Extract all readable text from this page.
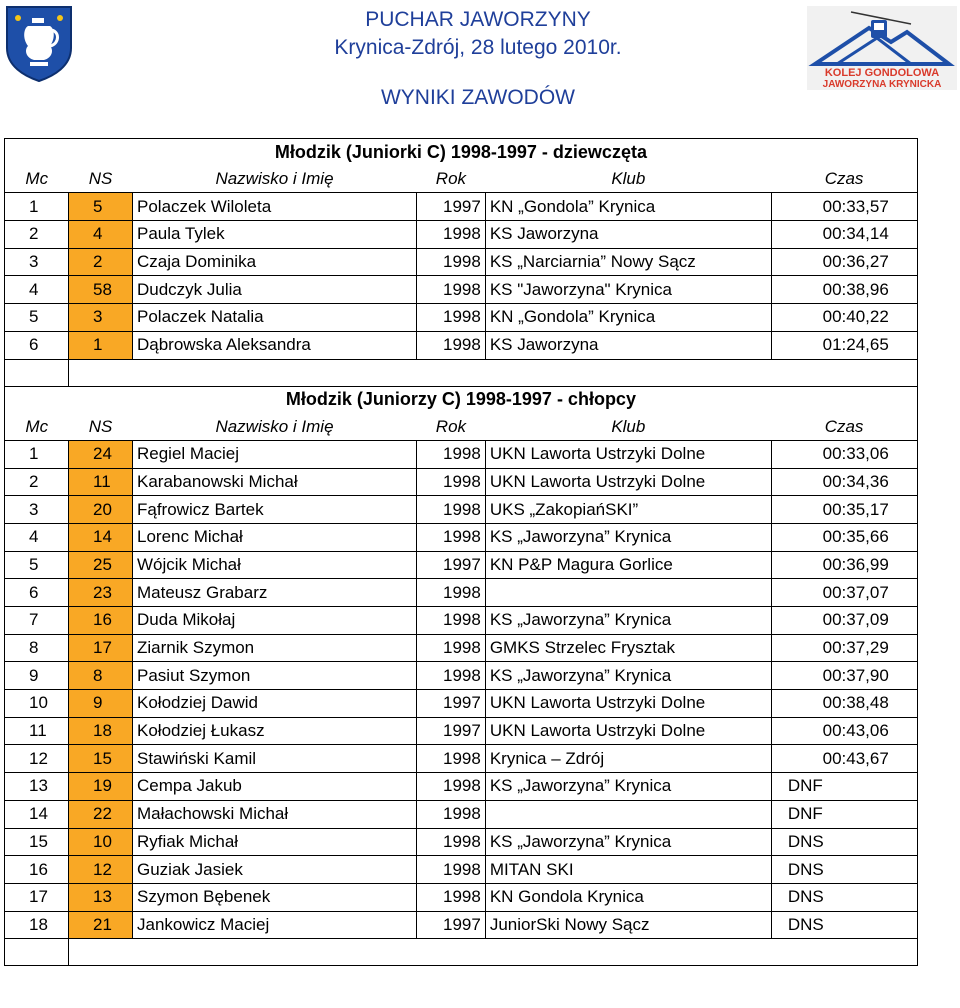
PUCHAR JAWORZYNY
Krynica-Zdrój, 28 lutego 2010r.
WYNIKI ZAWODÓW
KOLEJ GONDOLOWA
JAWORZYNA KRYNICKA
Młodzik (Juniorki C) 1998-1997 - dziewczęta					
Mc	NS	Nazwisko i Imię	Rok	Klub	Czas
1	5	Polaczek Wiloleta	1997	KN „Gondola” Krynica	00:33,57
2	4	Paula Tylek	1998	KS Jaworzyna	00:34,14
3	2	Czaja Dominika	1998	KS „Narciarnia” Nowy Sącz	00:36,27
4	58	Dudczyk Julia	1998	KS "Jaworzyna" Krynica	00:38,96
5	3	Polaczek Natalia	1998	KN „Gondola” Krynica	00:40,22
6	1	Dąbrowska Aleksandra	1998	KS Jaworzyna	01:24,65

Młodzik (Juniorzy C) 1998-1997 - chłopcy					
Mc	NS	Nazwisko i Imię	Rok	Klub	Czas
1	24	Regiel Maciej	1998	UKN Laworta Ustrzyki Dolne	00:33,06
2	11	Karabanowski Michał	1998	UKN Laworta Ustrzyki Dolne	00:34,36
3	20	Fąfrowicz Bartek	1998	UKS „ZakopiańSKI”	00:35,17
4	14	Lorenc Michał	1998	KS „Jaworzyna” Krynica	00:35,66
5	25	Wójcik Michał	1997	KN P&P Magura Gorlice	00:36,99
6	23	Mateusz Grabarz	1998		00:37,07
7	16	Duda Mikołaj	1998	KS „Jaworzyna” Krynica	00:37,09
8	17	Ziarnik Szymon	1998	GMKS Strzelec Frysztak	00:37,29
9	8	Pasiut Szymon	1998	KS „Jaworzyna” Krynica	00:37,90
10	9	Kołodziej Dawid	1997	UKN Laworta Ustrzyki Dolne	00:38,48
11	18	Kołodziej Łukasz	1997	UKN Laworta Ustrzyki Dolne	00:43,06
12	15	Stawiński Kamil	1998	Krynica – Zdrój	00:43,67
13	19	Cempa Jakub	1998	KS „Jaworzyna” Krynica	DNF
14	22	Małachowski Michał	1998		DNF
15	10	Ryfiak Michał	1998	KS „Jaworzyna” Krynica	DNS
16	12	Guziak Jasiek	1998	MITAN SKI	DNS
17	13	Szymon Bębenek	1998	KN Gondola Krynica	DNS
18	21	Jankowicz Maciej	1997	JuniorSki Nowy Sącz	DNS
